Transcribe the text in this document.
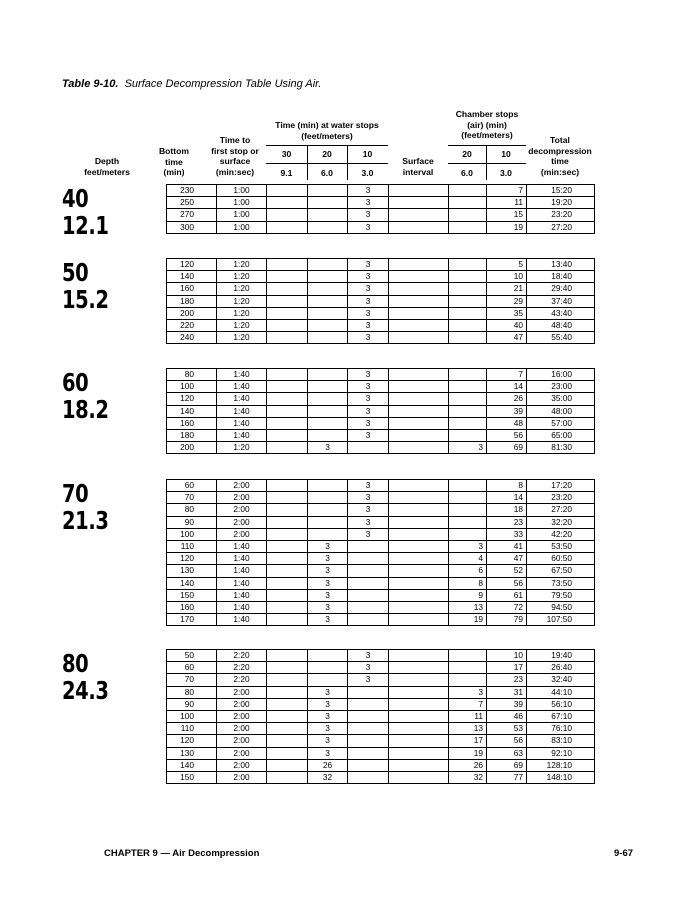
Table 9-10. Surface Decompression Table Using Air.
Depth
feet/meters
Bottom
time
(min)
Time to
first stop or
surface
(min:sec)
Time (min) at water stops
(feet/meters)
30	20	10
9.1	6.0	3.0
Surface
interval
Chamber stops
(air) (min)
(feet/meters)
20	10
6.0	3.0
Total
decompression
time
(min:sec)
40
12.1
230	1:00			3			7	15:20
250	1:00			3			11	19:20
270	1:00			3			15	23:20
300	1:00			3			19	27:20
50
15.2
120	1:20			3			5	13:40
140	1:20			3			10	18:40
160	1:20			3			21	29:40
180	1:20			3			29	37:40
200	1:20			3			35	43:40
220	1:20			3			40	48:40
240	1:20			3			47	55:40
60
18.2
80	1:40			3			7	16:00
100	1:40			3			14	23:00
120	1:40			3			26	35:00
140	1:40			3			39	48:00
160	1:40			3			48	57:00
180	1:40			3			56	65:00
200	1:20		3			3	69	81:30
70
21.3
60	2:00			3			8	17:20
70	2:00			3			14	23:20
80	2:00			3			18	27:20
90	2:00			3			23	32:20
100	2:00			3			33	42:20
110	1:40		3			3	41	53:50
120	1:40		3			4	47	60:50
130	1:40		3			6	52	67:50
140	1:40		3			8	56	73:50
150	1:40		3			9	61	79:50
160	1:40		3			13	72	94:50
170	1:40		3			19	79	107:50
80
24.3
50	2:20			3			10	19:40
60	2:20			3			17	26:40
70	2:20			3			23	32:40
80	2:00		3			3	31	44:10
90	2:00		3			7	39	56:10
100	2:00		3			11	46	67:10
110	2:00		3			13	53	76:10
120	2:00		3			17	56	83:10
130	2:00		3			19	63	92:10
140	2:00		26			26	69	128:10
150	2:00		32			32	77	148:10
CHAPTER 9 — Air Decompression	9-67
